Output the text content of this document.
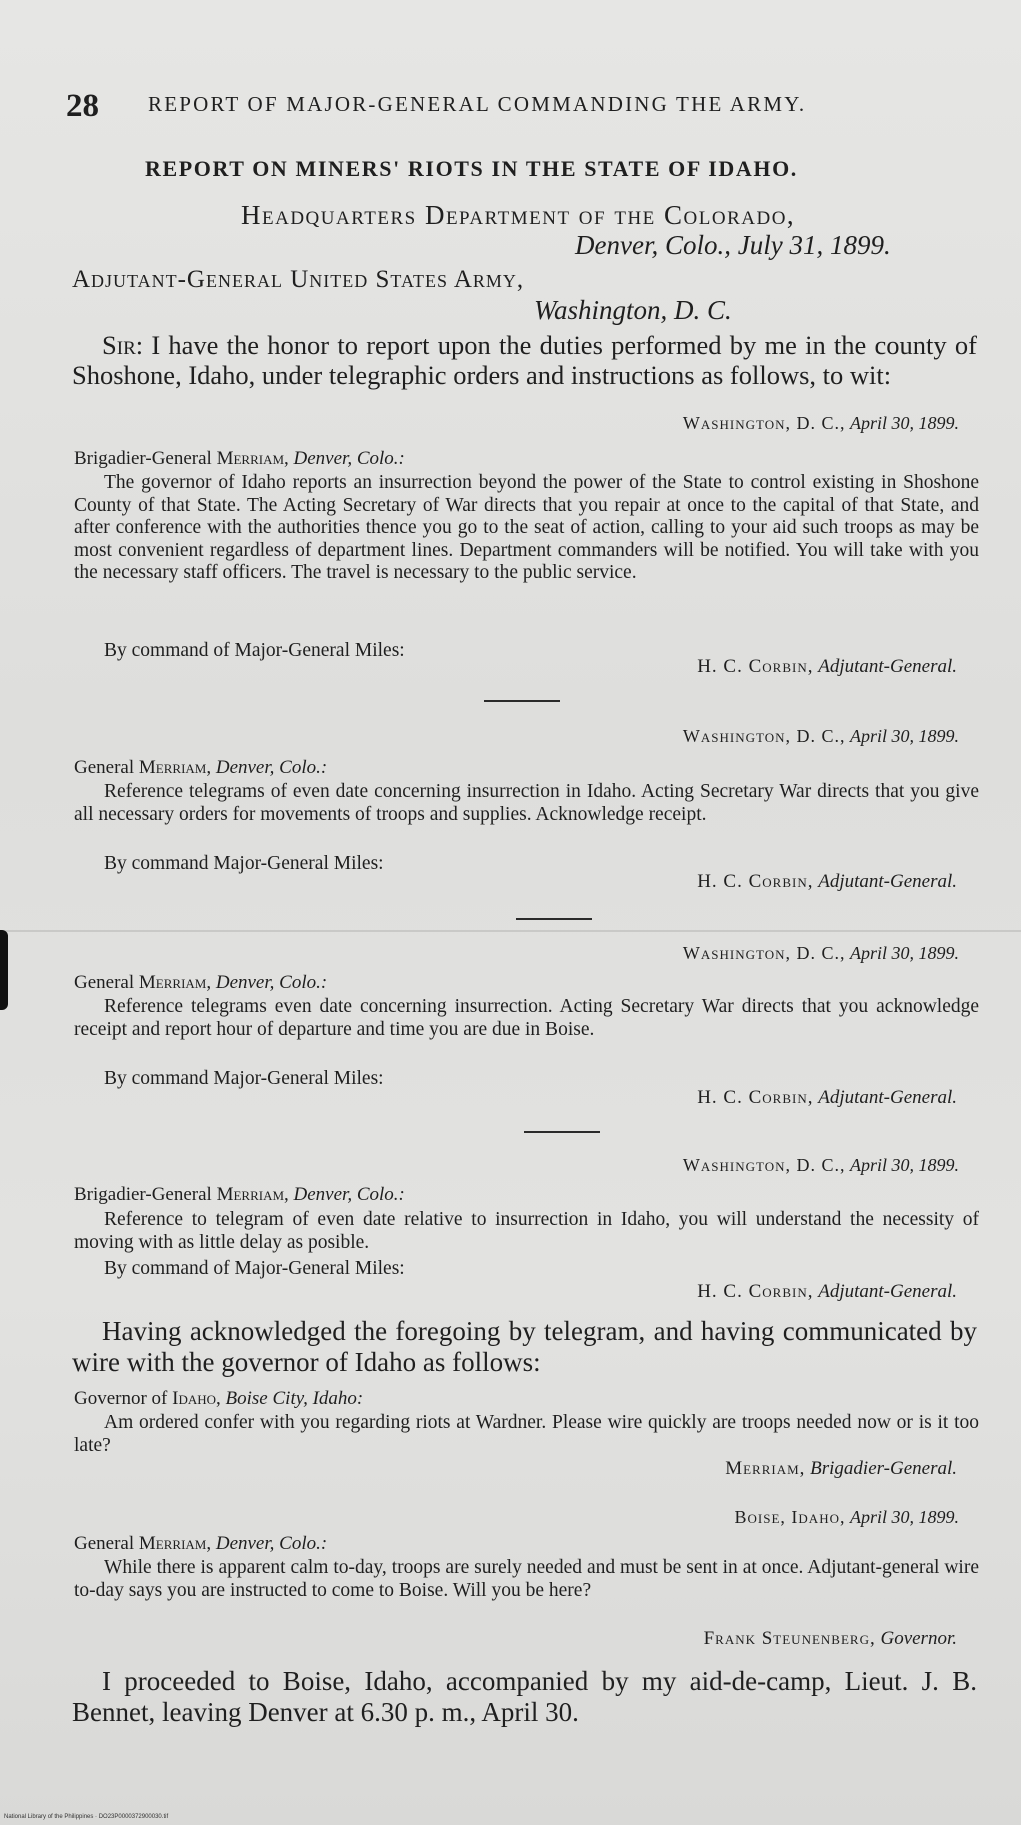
28 REPORT OF MAJOR-GENERAL COMMANDING THE ARMY.
REPORT ON MINERS' RIOTS IN THE STATE OF IDAHO.
Headquarters Department of the Colorado,
Denver, Colo., July 31, 1899.
Adjutant-General United States Army,
Washington, D. C.
Sir: I have the honor to report upon the duties performed by me in the county of Shoshone, Idaho, under telegraphic orders and instructions as follows, to wit:
Washington, D. C., April 30, 1899.
Brigadier-General Merriam, Denver, Colo.:
The governor of Idaho reports an insurrection beyond the power of the State to control existing in Shoshone County of that State. The Acting Secretary of War directs that you repair at once to the capital of that State, and after conference with the authorities thence you go to the seat of action, calling to your aid such troops as may be most convenient regardless of department lines. Department commanders will be notified. You will take with you the necessary staff officers. The travel is necessary to the public service.
By command of Major-General Miles:
H. C. Corbin, Adjutant-General.
Washington, D. C., April 30, 1899.
General Merriam, Denver, Colo.:
Reference telegrams of even date concerning insurrection in Idaho. Acting Secretary War directs that you give all necessary orders for movements of troops and supplies. Acknowledge receipt.
By command Major-General Miles:
H. C. Corbin, Adjutant-General.
Washington, D. C., April 30, 1899.
General Merriam, Denver, Colo.:
Reference telegrams even date concerning insurrection. Acting Secretary War directs that you acknowledge receipt and report hour of departure and time you are due in Boise.
By command Major-General Miles:
H. C. Corbin, Adjutant-General.
Washington, D. C., April 30, 1899.
Brigadier-General Merriam, Denver, Colo.:
Reference to telegram of even date relative to insurrection in Idaho, you will understand the necessity of moving with as little delay as posible.
By command of Major-General Miles:
H. C. Corbin, Adjutant-General.
Having acknowledged the foregoing by telegram, and having communicated by wire with the governor of Idaho as follows:
Governor of Idaho, Boise City, Idaho:
Am ordered confer with you regarding riots at Wardner. Please wire quickly are troops needed now or is it too late?
Merriam, Brigadier-General.
Boise, Idaho, April 30, 1899.
General Merriam, Denver, Colo.:
While there is apparent calm to-day, troops are surely needed and must be sent in at once. Adjutant-general wire to-day says you are instructed to come to Boise. Will you be here?
Frank Steunenberg, Governor.
I proceeded to Boise, Idaho, accompanied by my aid-de-camp, Lieut. J. B. Bennet, leaving Denver at 6.30 p. m., April 30.
National Library of the Philippines · DO23P0000372900030.tif
